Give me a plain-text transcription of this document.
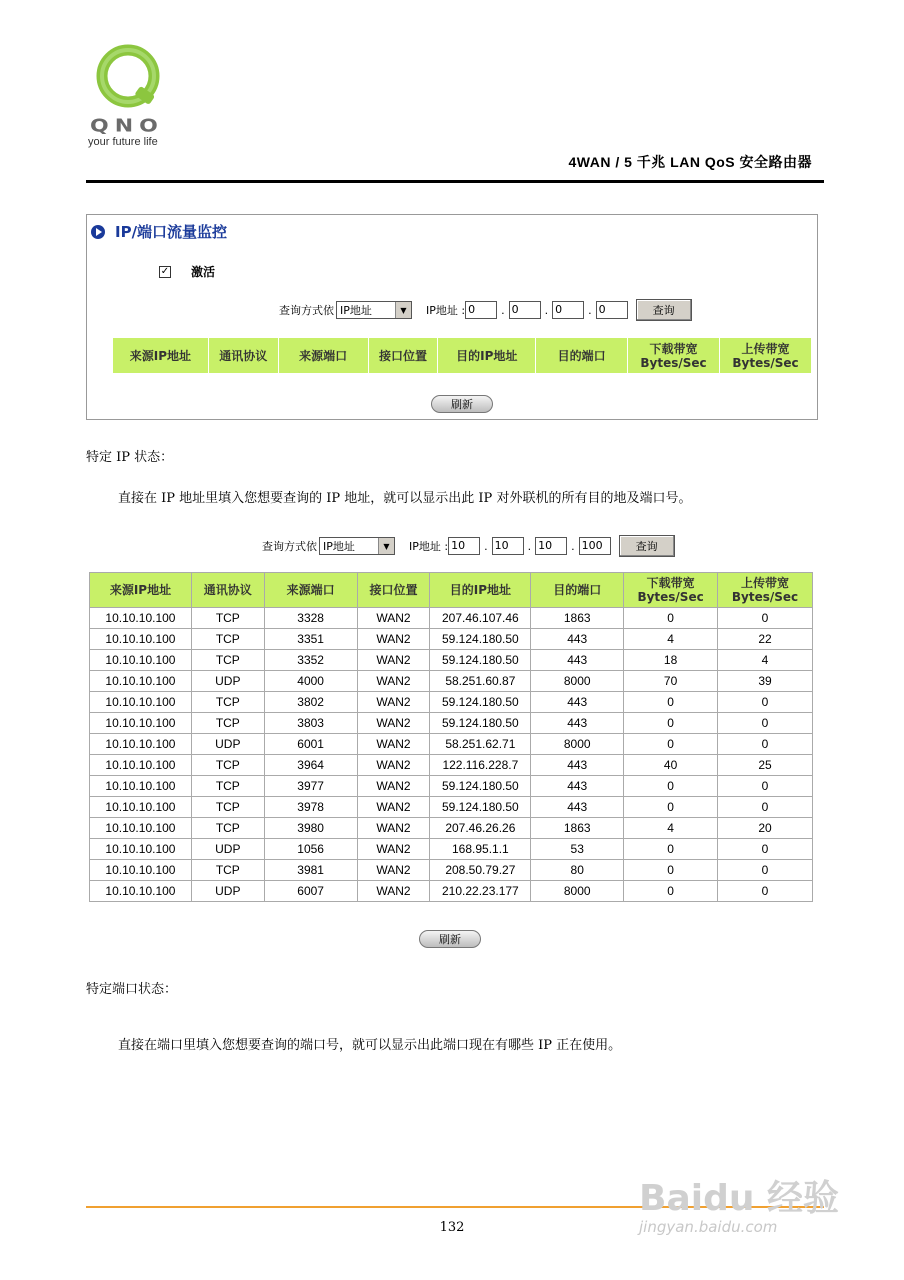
QNO
your future life
4WAN / 5 千兆 LAN QoS 安全路由器
IP/端口流量监控
✓ 激活
查询方式依 IP地址	▼	IP地址 : 0	. 0	. 0	. 0	查询
来源IP地址	通讯协议	来源端口	接口位置	目的IP地址	目的端口	下载带宽 Bytes/Sec	上传带宽 Bytes/Sec
刷新
特定 IP 状态：
直接在 IP 地址里填入您想要查询的 IP 地址，就可以显示出此 IP 对外联机的所有目的地及端口号。
查询方式依 IP地址	▼	IP地址 : 10	. 10	. 10	. 100	查询
来源IP地址	通讯协议	来源端口	接口位置	目的IP地址	目的端口	下载带宽 Bytes/Sec	上传带宽 Bytes/Sec
10.10.10.100	TCP	3328	WAN2	207.46.107.46	1863	0	0
10.10.10.100	TCP	3351	WAN2	59.124.180.50	443	4	22
10.10.10.100	TCP	3352	WAN2	59.124.180.50	443	18	4
10.10.10.100	UDP	4000	WAN2	58.251.60.87	8000	70	39
10.10.10.100	TCP	3802	WAN2	59.124.180.50	443	0	0
10.10.10.100	TCP	3803	WAN2	59.124.180.50	443	0	0
10.10.10.100	UDP	6001	WAN2	58.251.62.71	8000	0	0
10.10.10.100	TCP	3964	WAN2	122.116.228.7	443	40	25
10.10.10.100	TCP	3977	WAN2	59.124.180.50	443	0	0
10.10.10.100	TCP	3978	WAN2	59.124.180.50	443	0	0
10.10.10.100	TCP	3980	WAN2	207.46.26.26	1863	4	20
10.10.10.100	UDP	1056	WAN2	168.95.1.1	53	0	0
10.10.10.100	TCP	3981	WAN2	208.50.79.27	80	0	0
10.10.10.100	UDP	6007	WAN2	210.22.23.177	8000	0	0
刷新
特定端口状态：
直接在端口里填入您想要查询的端口号，就可以显示出此端口现在有哪些 IP 正在使用。
132
Baidu 经验
jingyan.baidu.com
